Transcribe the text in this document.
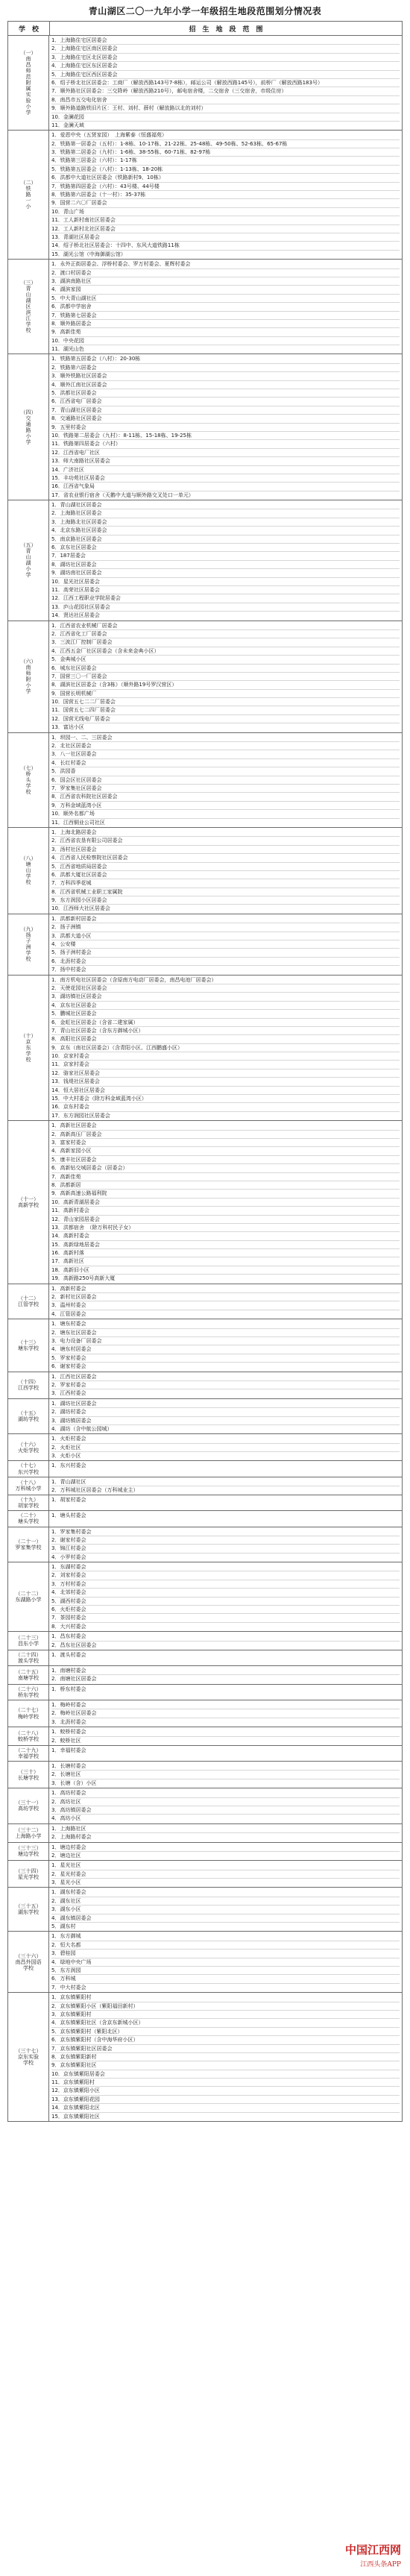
青山湖区二〇一九年小学一年级招生地段范围划分情况表
学　校	招　生　地　段　范　围
（一）
南
昌
师
范
附
属
实
验
小
学
1．上海路住宅区居委会
2．上海路住宅区南区居委会
3．上海路住宅区北区居委会
4．上海路住宅区东区居委会
5．上海路住宅区西区居委会
6．绍子桥北社区居委会：工商厂（解放西路143号7-8栋），邮运公司（解放西路145号），前桥厂（解放西路183号）
7．顺外路社区居委会：三交降岭（解放西路210号），邮电宿舍楼，二交宿舍（三交宿舍，市级住房）
8．南昌市五交电化宿舍
9．顺外路道路铁旧片区：王村、刘村、薛村（解放路以北的刘村）
10．金澜花园
11．金澜天域
（二）
铁
路
一
小
1．爱恩中央（五贤家园）　上海紫泰（恒盛福苑）
2．铁路第一居委会（五村）：1-8栋、10-17栋、21-22栋、25-48栋、49-50栋、52-63栋、65-67栋
3．铁路第二居委会（九村）：1-6栋、38-55栋、60-71栋、82-97栋
4．铁路第三居委会（六村）：1-17栋
5．铁路第五居委会（八村）：1-13栋、18-20栋
6．洪都中大道社区居委会（铁路新村9、10栋）
7．铁路第四居委会（六村）：43号楼、44号楼
8．铁路第六居委会（十一村）：35-37栋
9．国营二六〇厂居委会
10．青山广场
11．工人新村南社区居委会
12．工人新村北社区居委会
13．青湖社区居委会
14．绍子桥北社区居委会：十四中、东风大道铁路11栋
15．湖光公馆（中海御湖公馆）
（三）
青
山
湖
区
滨
江
学
校
1．永外正街居委会、浮桥村委会、罗万村委会、夏辉村委会
2．渡口村居委会
3．湖滨南路社区
4．湖滨家园
5．中大青山湖社区
6．洪都中学宿舍
7．铁路第七居委会
8．顺外路居委会
9．高新佳苑
10．中央花园
11．湖光山色
（四）
交
通
路
小
学
1．铁路第五居委会（八村）：20-30栋
2．铁路第六居委会
3．顺外铁路社区居委会
4．顺外江南社区居委会
5．洪都社区居委会
6．江西省电厂居委会
7．青山湖社区居委会
8．交通路社区居委会
9．五里村委会
10．铁路第二居委会（九村）：8-11栋、15-18栋、19-25栋
11．铁路第四居委会（六村）
12．江西省电厂社区
13．师大南路社区居委会
14．广济社区
15．丰功苑社区居委会
16．江西省气象局
17．省农业银行宿舍（天鹅中大道与顺外路交叉处口一单元）
（五）
青
山
湖
小
学
1．青山湖社区居委会
2．上海路社区居委会
3．上海路北社区居委会
4．北京东路社区居委会
5．南京路社区居委会
6．京东社区居委会
7．187居委会
8．湖坊社区居委会
9．湖坊南社区居委会
10．星光社区居委会
11．高荣社区居委会
12．江西工程职业学院居委会
13．庐山花园社区居委会
14．贤达社区居委会
（六）
南
师
附
小
学
1．江西省农业机械厂居委会
2．江西省化工厂居委会
3．三波江厂控制厂居委会
4．江西五金厂社区居委会（含未来金典小区）
5．金典城小区
6．城东社区居委会
7．国营三〇一厂居委会
8．湖滨社区居委会（含3栋）（顺外路19号罗汉营区）
9．国营长明机械厂
10．国营五七二二厂居委会
11．国营五七二四厂居委会
12．国营无线电厂居委会
13．富达小区
（七）
桥
头
学
校
1．坝园一、二、三居委会
2．北社区居委会
3．八一社区居委会
4．长红村委会
5．洪园香
6．国会区社区居委会
7．罗家集社区居委会
8．江西省农科院社区居委会
9．万科金域蓝湾小区
10．顺外名都广场
11．江西铜业公司社区
（八）
塘
山
学
校
1．上海北路居委会
2．江西省农垦有限公司居委会
3．汤村社区居委会
4．江西省人民检察院社区居委会
5．江西省地质局居委会
6．洪都大厦社区居委会
7．万科四季花城
8．江西省机械工业职工家属院
9．东方润园小区居委会
10．江西师大社区居委会
（九）
扬
子
洲
学
校
1．洪都新村居委会
2．扬子洲镇
3．洪都大道小区
4．公安楼
5．扬子洲村委会
6．北沥村委会
7．扬中村委会
（十）
京
东
学
校
1．南方机电社区居委会（含原南方电动厂居委会，南昌电池厂居委会）
2．天使花园社区居委会
3．湖坊镇社区居委会
4．京东社区居委会
5．鹏城社区居委会
6．金虹社区居委会（含省二建家属）
7．青山社区居委会（含东方御城小区）
8．高阳社区居委会
9．京东（南社区居委会）（含青阳小区、江西鹏盛小区）
10．京家村委会
11．京家村委会
12．骆家社区居委会
13．钱堤社区居委会
14．恒大居社区居委会
15．中大村委会（除万科金域蓝湾小区）
16．京东村委会
17．东方润园社区居委会
（十一）
高新学校
1．高新社区居委会
2．高新高压厂居委会
3．富家村委会
4．高新家园小区
5．康丰社区居委会
6．高新钻交城居委会（居委会）
7．高新佳苑
8．洪都新居
9．高新高速公路福利院
10．高新青湖居委会
11．高新村委会
12．青山家园居委会
13．洪都宿舍　（除万科村民子女）
14．高新村委会
15．高新绿地居委会
16．高新村落
17．高新社区
18．高新旧小区
19．高新路250号高新大厦
（十二）
江管学校
1．高新村委会
2．新村社区居委会
3．温州村委会
4．江管居委会
（十三）
塘东学校
1．塘东村委会
2．塘东社区居委会
3．电力设备厂居委会
4．塘东村居委会
5．罗家村委会
6．谢家村委会
（十四）
江西学校
1．江西社区居委会
2．罗家村委会
3．江西村委会
（十五）
湖坊学校
1．湖坊社区居委会
2．湖坊村委会
3．湖坊镇居委会
4．湖坊（含中航公园城）
（十六）
火炬学校
1．火炬村委会
2．火炬社区
3．火炬小区
（十七）
东兴学校
1．东兴村委会
（十八）
万科城小学
1．青山湖社区
2．万科城社区居委会（万科城业主）
（十九）
胡家学校
1．胡家村委会
（二十）
塘头学校
1．塘头村委会
（二十一）
罗家集学校
1．罗家集村委会
2．谢家村委会
3．锦江村委会
4．小罗村委会
（二十二）
东湖路小学
1．东湖村委会
2．刘家村委会
3．万村村委会
4．北郊村委会
5．湖西村委会
6．火炬村委会
7．茶园村委会
8．大兴村委会
（二十三）
昌东小学
1．昌东村委会
2．昌东社区居委会
（二十四）
渡头学校
1．渡头村委会
（二十五）
南塘学校
1．南塘村委会
2．南塘社区居委会
（二十六）
桥东学校
1．桥东村委会
（二十七）
梅岭学校
1．梅岭村委会
2．梅岭社区居委会
3．北沥村委会
（二十八）
蛟桥学校
1．蛟桥村委会
2．蛟桥社区
（二十九）
幸福学校
1．幸福村委会
（三十）
长塘学校
1．长塘村委会
2．长塘社区
3．长塘（含）小区
（三十一）
高坊学校
1．高坊村委会
2．高坊社区
3．高坊镇居委会
4．高坊小区
（三十二）
上海路小学
1．上海路社区
2．上海路村委会
（三十三）
塘边学校
1．塘边村委会
2．塘边社区
（三十四）
星光学校
1．星光社区
2．星光村委会
3．星光小区
（三十五）
湖东学校
1．湖东村委会
2．湖东社区
3．湖东小区
4．湖东镇居委会
5．湖东村
（三十六）
南昌外国语
学校
1．东方御城
2．恒大名都
3．碧桂园
4．绿地中央广场
5．东方润园
6．万科城
7．中大村委会
（三十七）
京东实验
学校
1．京东镇紫阳村
2．京东镇紫阳小区（紫阳福田新村）
3．京东镇紫阳村
4．京东镇紫阳社区（含京东新城小区）
5．京东镇紫阳村（紫阳北区）
6．京东镇紫阳村（含中海华府小区）
7．京东镇紫阳社区居委会
8．京东镇紫阳新村
9．京东镇紫阳社区
10．京东镇紫阳居委会
11．京东镇紫阳村
12．京东镇紫阳小区
13．京东镇紫阳花园
14．京东镇紫阳北区
15．京东镇紫阳社区
中国江西网
江西头条APP
